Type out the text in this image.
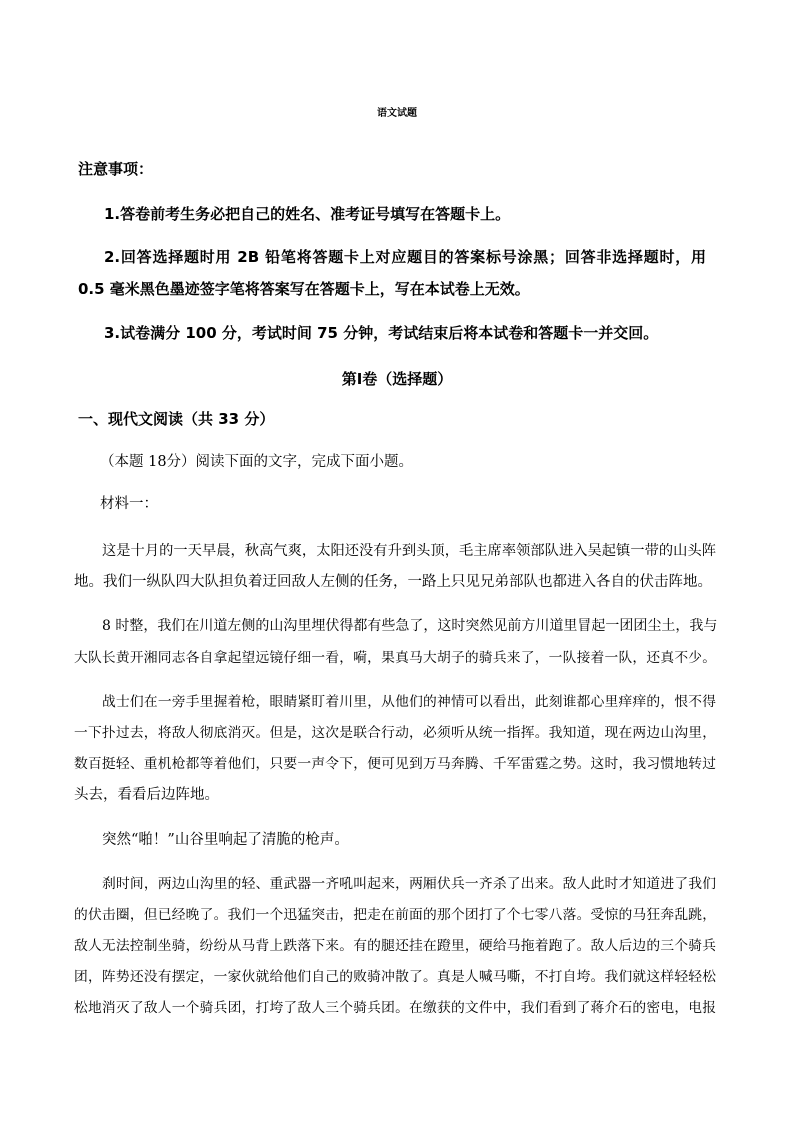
语文试题
注意事项：
1.答卷前考生务必把自己的姓名、准考证号填写在答题卡上。
2.回答选择题时用 2B 铅笔将答题卡上对应题目的答案标号涂黑；回答非选择题时，用
0.5 毫米黑色墨迹签字笔将答案写在答题卡上，写在本试卷上无效。
3.试卷满分 100 分，考试时间 75 分钟，考试结束后将本试卷和答题卡一并交回。
第Ⅰ卷（选择题）
一、现代文阅读（共 33 分）
（本题 18分）阅读下面的文字，完成下面小题。
材料一：
这是十月的一天早晨，秋高气爽，太阳还没有升到头顶，毛主席率领部队进入吴起镇一带的山头阵
地。我们一纵队四大队担负着迂回敌人左侧的任务，一路上只见兄弟部队也都进入各自的伏击阵地。
8 时整，我们在川道左侧的山沟里埋伏得都有些急了，这时突然见前方川道里冒起一团团尘土，我与
大队长黄开湘同志各自拿起望远镜仔细一看，嗬，果真马大胡子的骑兵来了，一队接着一队，还真不少。
战士们在一旁手里握着枪，眼睛紧盯着川里，从他们的神情可以看出，此刻谁都心里痒痒的，恨不得
一下扑过去，将敌人彻底消灭。但是，这次是联合行动，必须听从统一指挥。我知道，现在两边山沟里，
数百挺轻、重机枪都等着他们，只要一声令下，便可见到万马奔腾、千军雷霆之势。这时，我习惯地转过
头去，看看后边阵地。
突然“啪！”山谷里响起了清脆的枪声。
刹时间，两边山沟里的轻、重武器一齐吼叫起来，两厢伏兵一齐杀了出来。敌人此时才知道进了我们
的伏击圈，但已经晚了。我们一个迅猛突击，把走在前面的那个团打了个七零八落。受惊的马狂奔乱跳，
敌人无法控制坐骑，纷纷从马背上跌落下来。有的腿还挂在蹬里，硬给马拖着跑了。敌人后边的三个骑兵
团，阵势还没有摆定，一家伙就给他们自己的败骑冲散了。真是人喊马嘶，不打自垮。我们就这样轻轻松
松地消灭了敌人一个骑兵团，打垮了敌人三个骑兵团。在缴获的文件中，我们看到了蒋介石的密电，电报
